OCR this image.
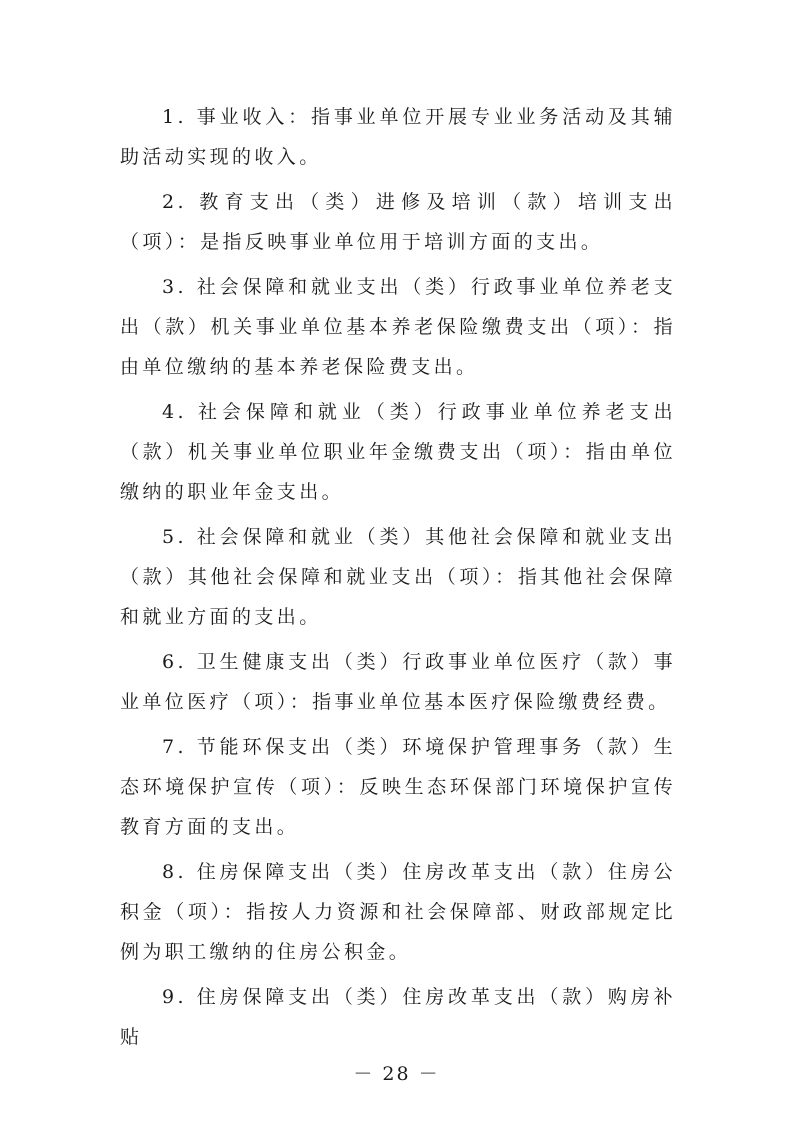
1. 事业收入：指事业单位开展专业业务活动及其辅助活动实现的收入。

2. 教育支出（类）进修及培训（款）培训支出（项）：是指反映事业单位用于培训方面的支出。

3. 社会保障和就业支出（类）行政事业单位养老支出（款）机关事业单位基本养老保险缴费支出（项）：指由单位缴纳的基本养老保险费支出。

4. 社会保障和就业（类）行政事业单位养老支出（款）机关事业单位职业年金缴费支出（项）：指由单位缴纳的职业年金支出。

5. 社会保障和就业（类）其他社会保障和就业支出（款）其他社会保障和就业支出（项）：指其他社会保障和就业方面的支出。

6. 卫生健康支出（类）行政事业单位医疗（款）事业单位医疗（项）：指事业单位基本医疗保险缴费经费。

7. 节能环保支出（类）环境保护管理事务（款）生态环境保护宣传（项）：反映生态环保部门环境保护宣传教育方面的支出。

8. 住房保障支出（类）住房改革支出（款）住房公积金（项）：指按人力资源和社会保障部、财政部规定比例为职工缴纳的住房公积金。

9. 住房保障支出（类）住房改革支出（款）购房补贴

－ 28 －
